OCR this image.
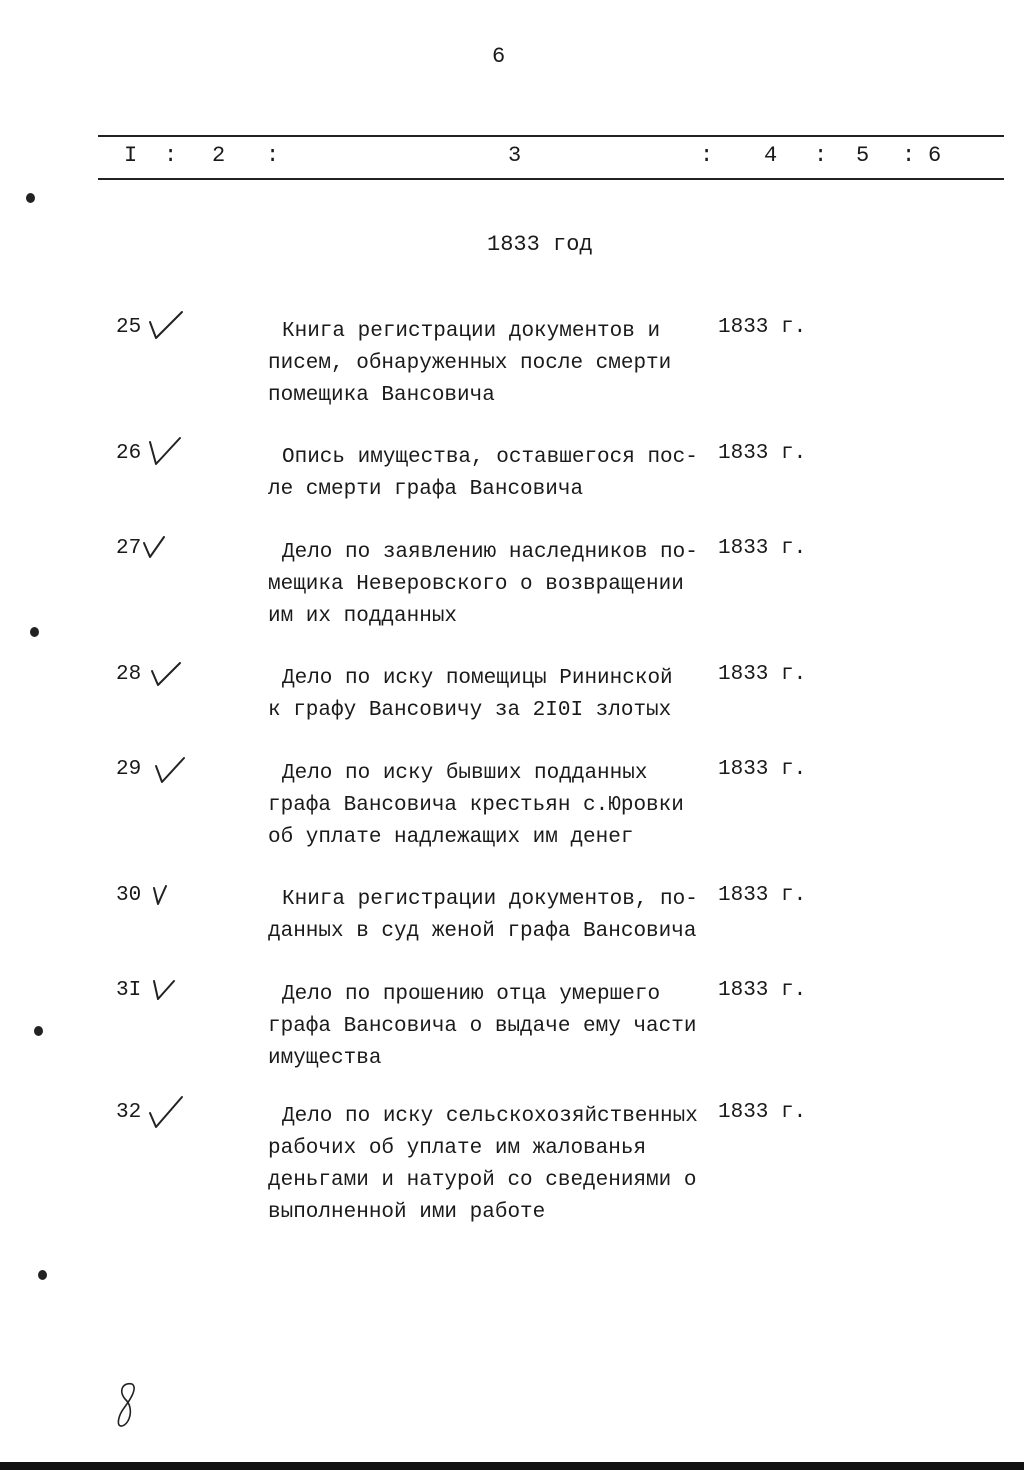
6
I : 2 :	3	: 4 : 5 : 6
1833 год
25	Книга регистрации документов и
писем, обнаруженных после смерти
помещика Вансовича
1833 г.
26	Опись имущества, оставшегося пос-
ле смерти графа Вансовича
1833 г.
27	Дело по заявлению наследников по-
мещика Неверовского о возвращении
им их подданных
1833 г.
28	Дело по иску помещицы Рининской
к графу Вансовичу за 2I0I злотых
1833 г.
29	Дело по иску бывших подданных
графа Вансовича крестьян с.Юровки
об уплате надлежащих им денег
1833 г.
30	Книга регистрации документов, по-
данных в суд женой графа Вансовича
1833 г.
3I	Дело по прошению отца умершего
графа Вансовича о выдаче ему части
имущества
1833 г.
32	Дело по иску сельскохозяйственных
рабочих об уплате им жалованья
деньгами и натурой со сведениями о
выполненной ими работе
1833 г.
